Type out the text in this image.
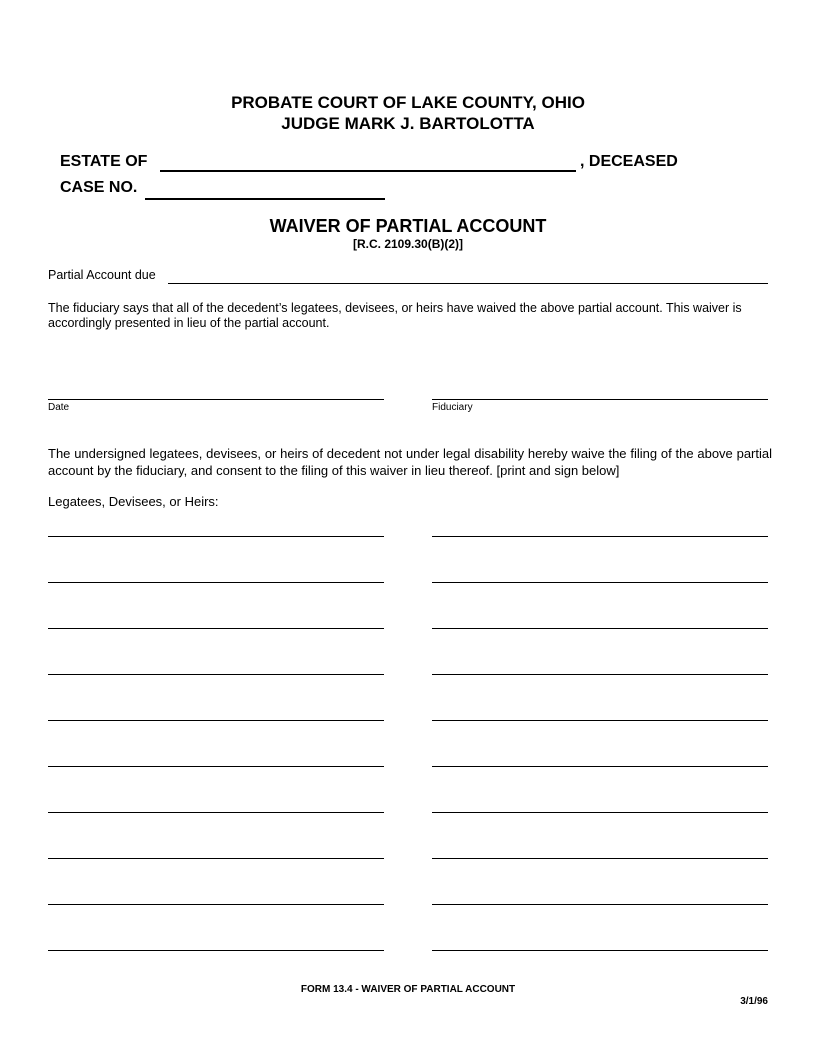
PROBATE COURT OF LAKE COUNTY, OHIO
JUDGE MARK J. BARTOLOTTA
ESTATE OF	, DECEASED
CASE NO.
WAIVER OF PARTIAL ACCOUNT
[R.C. 2109.30(B)(2)]
Partial Account due
The fiduciary says that all of the decedent’s legatees, devisees, or heirs have waived the above partial account. This waiver is accordingly presented in lieu of the partial account.
Date	Fiduciary
The undersigned legatees, devisees, or heirs of decedent not under legal disability hereby waive the filing of the above partial account by the fiduciary, and consent to the filing of this waiver in lieu thereof. [print and sign below]
Legatees, Devisees, or Heirs:
FORM 13.4 - WAIVER OF PARTIAL ACCOUNT
3/1/96
